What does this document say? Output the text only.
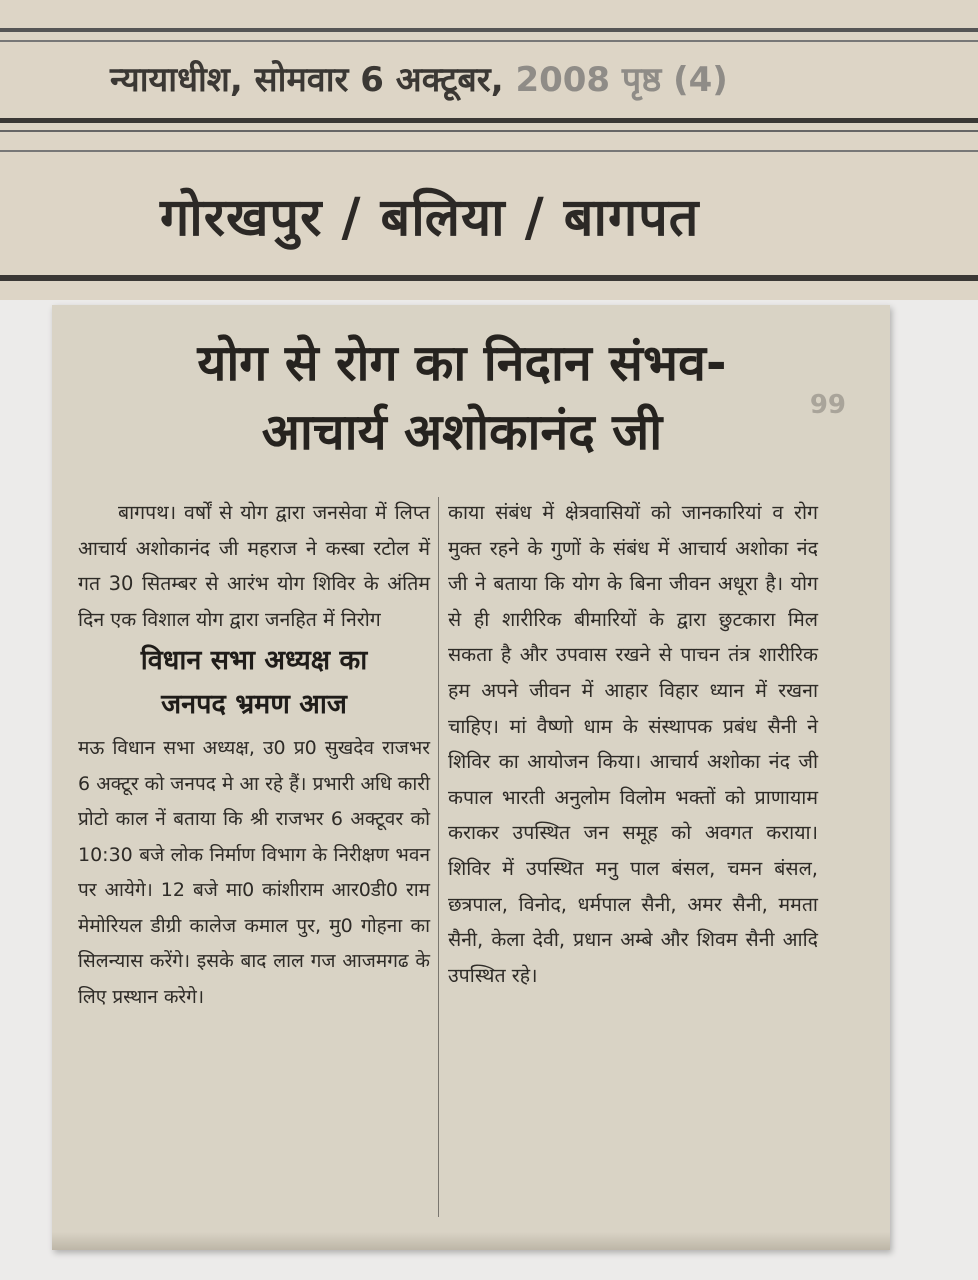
न्यायाधीश, सोमवार 6 अक्टूबर, 2008 पृष्ठ (4)
गोरखपुर / बलिया / बागपत
योग से रोग का निदान संभव-
आचार्य अशोकानंद जी	99

बागपथ। वर्षों से योग द्वारा जनसेवा में लिप्त आचार्य अशोकानंद जी महराज ने कस्बा रटोल में गत 30 सितम्बर से आरंभ योग शिविर के अंतिम दिन एक विशाल योग द्वारा जनहित में निरोग

विधान सभा अध्यक्ष का
जनपद भ्रमण आज

मऊ विधान सभा अध्यक्ष, उ0 प्र0 सुखदेव राजभर 6 अक्टूर को जनपद मे आ रहे हैं। प्रभारी अधि कारी प्रोटो काल नें बताया कि श्री राजभर 6 अक्टूवर को 10:30 बजे लोक निर्माण विभाग के निरीक्षण भवन पर आयेगे। 12 बजे मा0 कांशीराम आर0डी0 राम मेमोरियल डीग्री कालेज कमाल पुर, मु0 गोहना का सिलन्यास करेंगे। इसके बाद लाल गज आजमगढ के लिए प्रस्थान करेगे।

काया संबंध में क्षेत्रवासियों को जानकारियां व रोग मुक्त रहने के गुणों के संबंध में आचार्य अशोका नंद जी ने बताया कि योग के बिना जीवन अधूरा है। योग से ही शारीरिक बीमारियों के द्वारा छुटकारा मिल सकता है और उपवास रखने से पाचन तंत्र शारीरिक हम अपने जीवन में आहार विहार ध्यान में रखना चाहिए। मां वैष्णो धाम के संस्थापक प्रबंध सैनी ने शिविर का आयोजन किया। आचार्य अशोका नंद जी कपाल भारती अनुलोम विलोम भक्तों को प्राणायाम कराकर उपस्थित जन समूह को अवगत कराया। शिविर में उपस्थित मनु पाल बंसल, चमन बंसल, छत्रपाल, विनोद, धर्मपाल सैनी, अमर सैनी, ममता सैनी, केला देवी, प्रधान अम्बे और शिवम सैनी आदि उपस्थित रहे।
